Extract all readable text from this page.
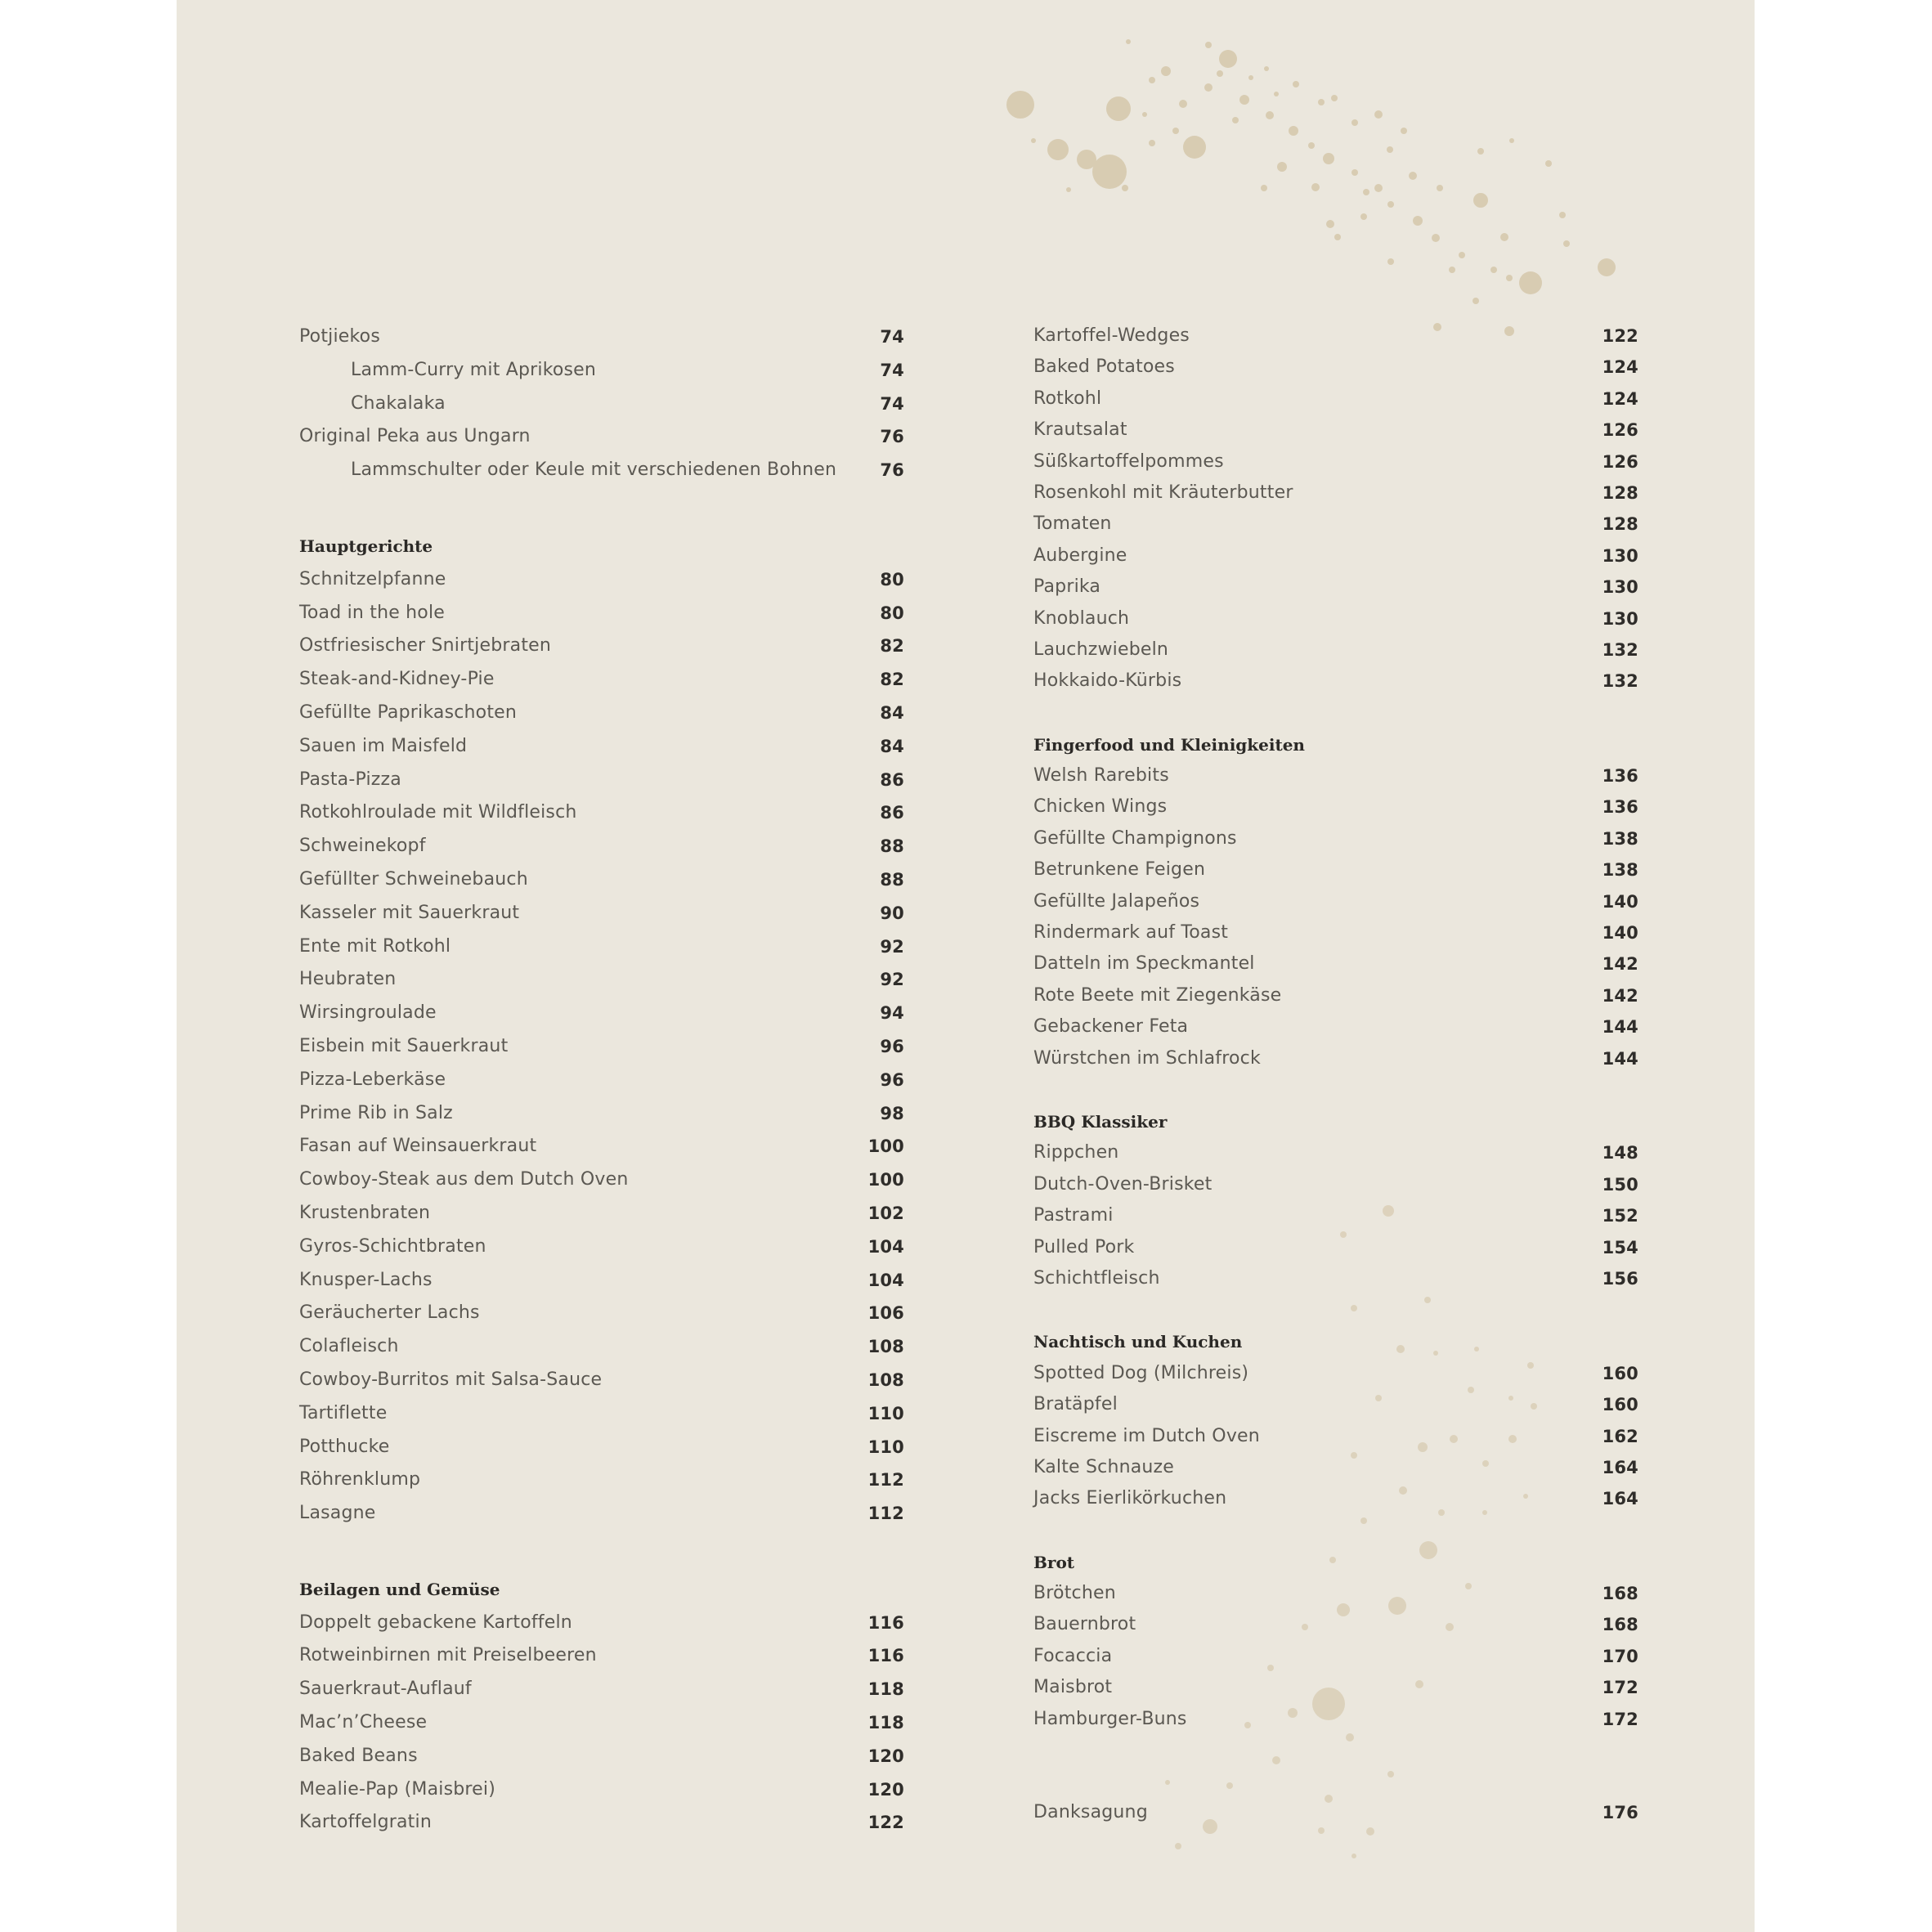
Potjiekos	74
Lamm-Curry mit Aprikosen	74
Chakalaka	74
Original Peka aus Ungarn	76
Lammschulter oder Keule mit verschiedenen Bohnen	76
Hauptgerichte
Schnitzelpfanne	80
Toad in the hole	80
Ostfriesischer Snirtjebraten	82
Steak-and-Kidney-Pie	82
Gefüllte Paprikaschoten	84
Sauen im Maisfeld	84
Pasta-Pizza	86
Rotkohlroulade mit Wildfleisch	86
Schweinekopf	88
Gefüllter Schweinebauch	88
Kasseler mit Sauerkraut	90
Ente mit Rotkohl	92
Heubraten	92
Wirsingroulade	94
Eisbein mit Sauerkraut	96
Pizza-Leberkäse	96
Prime Rib in Salz	98
Fasan auf Weinsauerkraut	100
Cowboy-Steak aus dem Dutch Oven	100
Krustenbraten	102
Gyros-Schichtbraten	104
Knusper-Lachs	104
Geräucherter Lachs	106
Colafleisch	108
Cowboy-Burritos mit Salsa-Sauce	108
Tartiflette	110
Potthucke	110
Röhrenklump	112
Lasagne	112
Beilagen und Gemüse
Doppelt gebackene Kartoffeln	116
Rotweinbirnen mit Preiselbeeren	116
Sauerkraut-Auflauf	118
Mac’n’Cheese	118
Baked Beans	120
Mealie-Pap (Maisbrei)	120
Kartoffelgratin	122
Kartoffel-Wedges	122
Baked Potatoes	124
Rotkohl	124
Krautsalat	126
Süßkartoffelpommes	126
Rosenkohl mit Kräuterbutter	128
Tomaten	128
Aubergine	130
Paprika	130
Knoblauch	130
Lauchzwiebeln	132
Hokkaido-Kürbis	132
Fingerfood und Kleinigkeiten
Welsh Rarebits	136
Chicken Wings	136
Gefüllte Champignons	138
Betrunkene Feigen	138
Gefüllte Jalapeños	140
Rindermark auf Toast	140
Datteln im Speckmantel	142
Rote Beete mit Ziegenkäse	142
Gebackener Feta	144
Würstchen im Schlafrock	144
BBQ Klassiker
Rippchen	148
Dutch-Oven-Brisket	150
Pastrami	152
Pulled Pork	154
Schichtfleisch	156
Nachtisch und Kuchen
Spotted Dog (Milchreis)	160
Bratäpfel	160
Eiscreme im Dutch Oven	162
Kalte Schnauze	164
Jacks Eierlikörkuchen	164
Brot
Brötchen	168
Bauernbrot	168
Focaccia	170
Maisbrot	172
Hamburger-Buns	172
Danksagung	176
